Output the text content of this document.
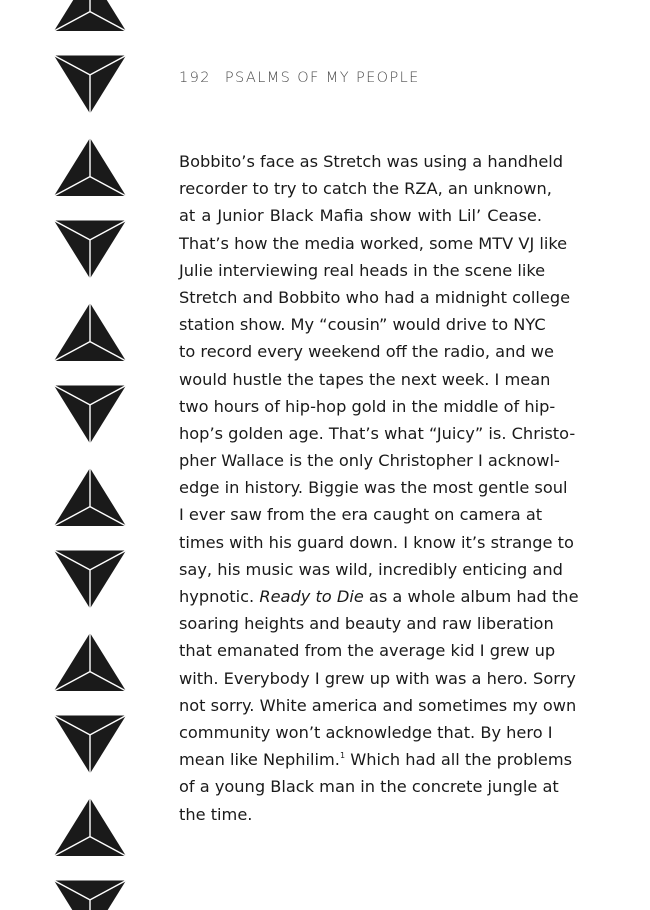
192 PSALMS OF MY PEOPLE
Bobbito’s face as Stretch was using a handheld
recorder to try to catch the RZA, an unknown,
at a Junior Black Mafia show with Lil’ Cease.
That’s how the media worked, some MTV VJ like
Julie interviewing real heads in the scene like
Stretch and Bobbito who had a midnight college
station show. My “cousin” would drive to NYC
to record every weekend off the radio, and we
would hustle the tapes the next week. I mean
two hours of hip-hop gold in the middle of hip-
hop’s golden age. That’s what “Juicy” is. Christo-
pher Wallace is the only Christopher I acknowl-
edge in history. Biggie was the most gentle soul
I ever saw from the era caught on camera at
times with his guard down. I know it’s strange to
say, his music was wild, incredibly enticing and
hypnotic. Ready to Die as a whole album had the
soaring heights and beauty and raw liberation
that emanated from the average kid I grew up
with. Everybody I grew up with was a hero. Sorry
not sorry. White america and sometimes my own
community won’t acknowledge that. By hero I
mean like Nephilim.$^1$ Which had all the problems
of a young Black man in the concrete jungle at
the time.
